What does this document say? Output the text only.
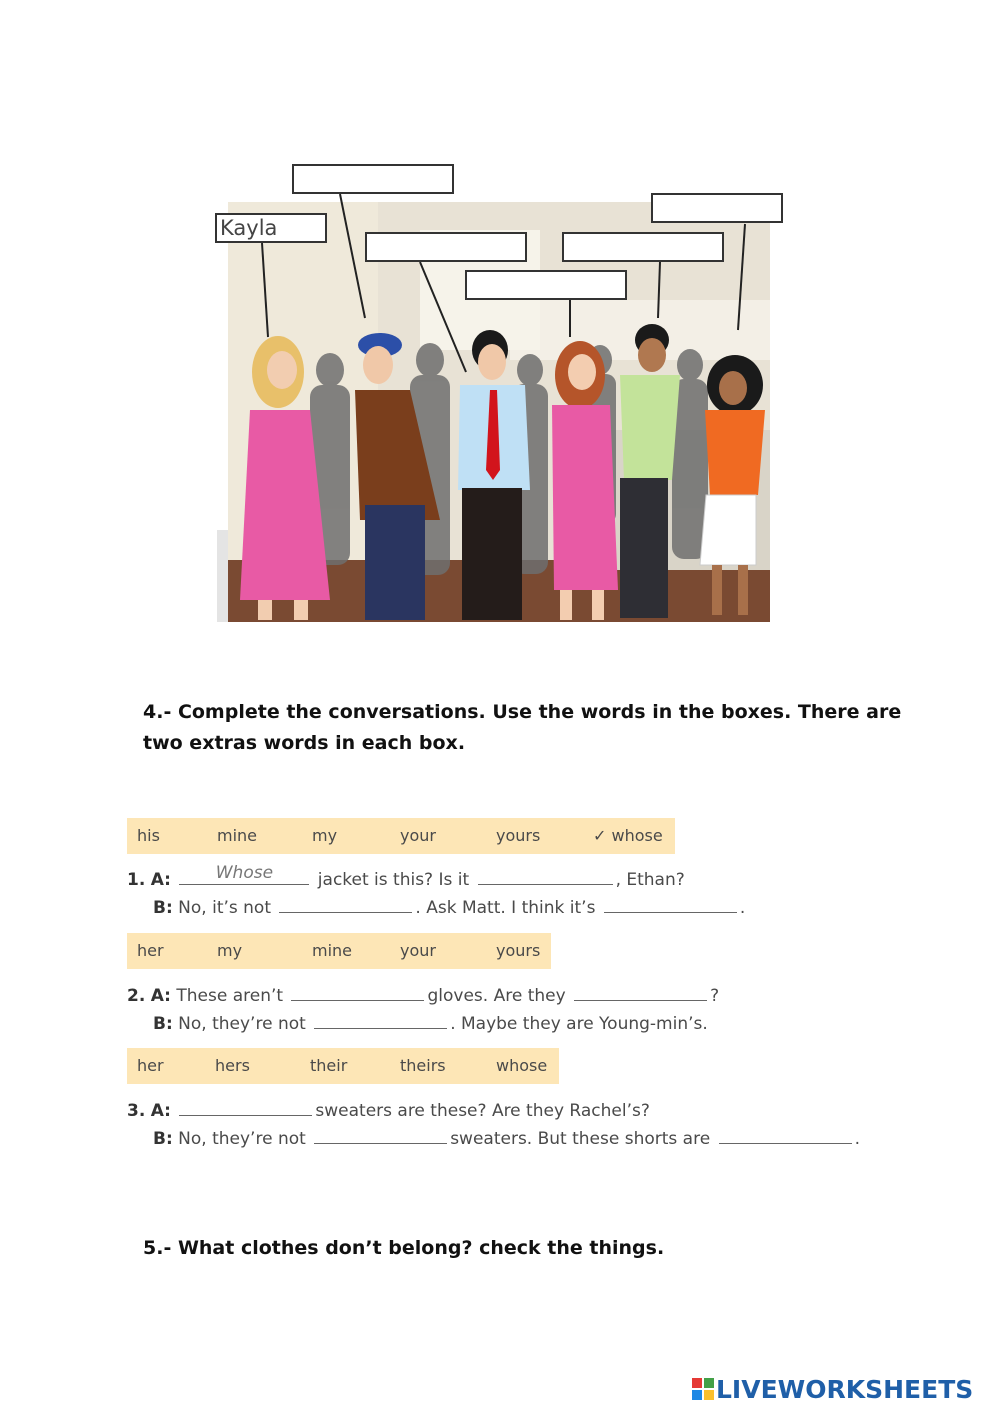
Kayla

4.- Complete the conversations. Use the words in the boxes. There are

two extras words in each box.

his	mine	my	your	yours	✓ whose
1. A:	Whose	jacket is this? Is it	, Ethan?
B: No, it’s not	. Ask Matt. I think it’s	.
her	my	mine	your	yours
2. A: These aren’t	gloves. Are they	?
B: No, they’re not	. Maybe they are Young-min’s.
her	hers	their	theirs	whose
3. A:	sweaters are these? Are they Rachel’s?
B: No, they’re not	sweaters. But these shorts are	.

5.- What clothes don’t belong? check the things.

LIVEWORKSHEETS
